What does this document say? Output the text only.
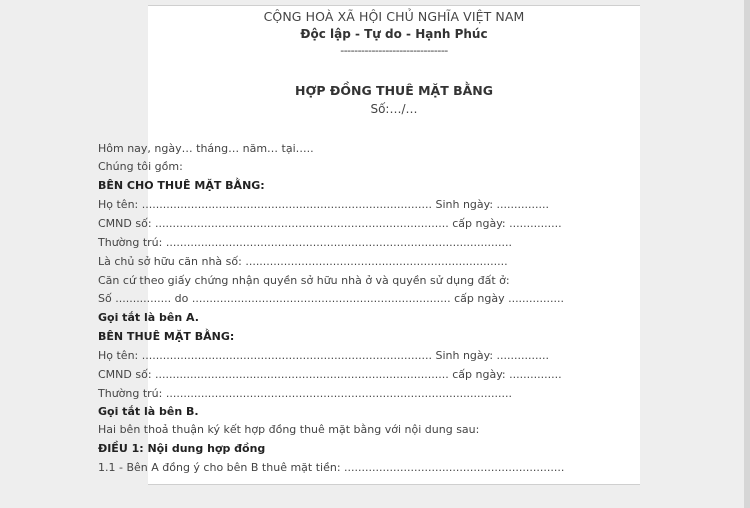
CỘNG HOÀ XÃ HỘI CHỦ NGHĨA VIỆT NAM
Độc lập - Tự do - Hạnh Phúc
-------------------------------
HỢP ĐỒNG THUÊ MẶT BẰNG
Số:…/…
Hôm nay, ngày… tháng… năm… tại…..
Chúng tôi gồm:
BÊN CHO THUÊ MẶT BẰNG:
Họ tên: ................................................................................... Sinh ngày: ...............
CMND số: .................................................................................... cấp ngày: ...............
Thường trú: ...................................................................................................
Là chủ sở hữu căn nhà số: ...........................................................................
Căn cứ theo giấy chứng nhận quyền sở hữu nhà ở và quyền sử dụng đất ở:
Số ................ do .......................................................................... cấp ngày ................
Gọi tắt là bên A.
BÊN THUÊ MẶT BẰNG:
Họ tên: ................................................................................... Sinh ngày: ...............
CMND số: .................................................................................... cấp ngày: ...............
Thường trú: ...................................................................................................
Gọi tắt là bên B.
Hai bên thoả thuận ký kết hợp đồng thuê mặt bằng với nội dung sau:
ĐIỀU 1: Nội dung hợp đồng
1.1 - Bên A đồng ý cho bên B thuê mặt tiền: ...............................................................
